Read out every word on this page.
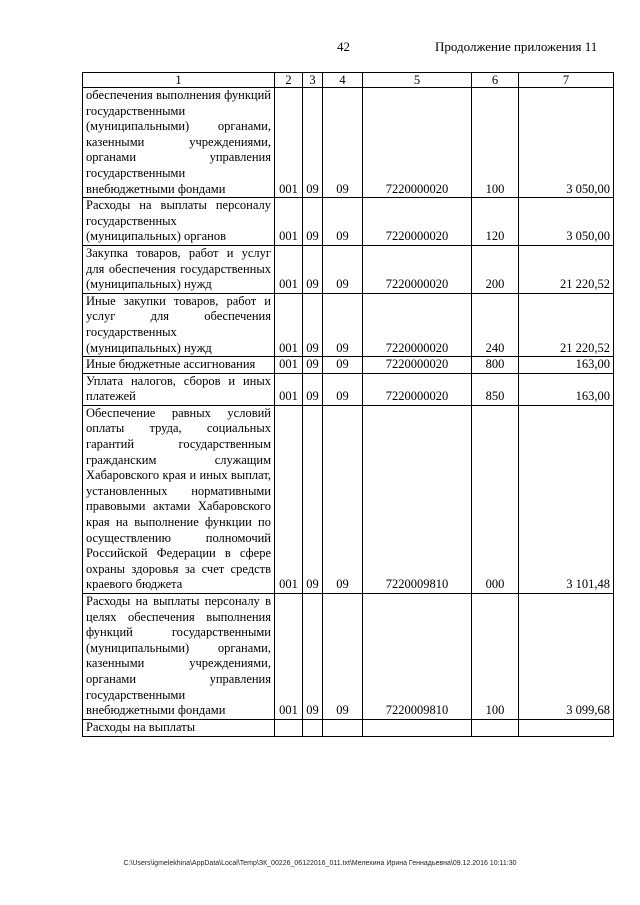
42	Продолжение приложения 11
1	2	3	4	5	6	7

обеспечения выполнения функций государственными (муниципальными) органами, казенными учреждениями, органами управления государственными внебюджетными фондами	001	09	09	7220000020	100	3 050,00

Расходы на выплаты персоналу государственных (муниципальных) органов	001	09	09	7220000020	120	3 050,00

Закупка товаров, работ и услуг для обеспечения государственных (муниципальных) нужд	001	09	09	7220000020	200	21 220,52

Иные закупки товаров, работ и услуг для обеспечения государственных (муниципальных) нужд	001	09	09	7220000020	240	21 220,52

Иные бюджетные ассигнования	001	09	09	7220000020	800	163,00

Уплата налогов, сборов и иных платежей	001	09	09	7220000020	850	163,00

Обеспечение равных условий оплаты труда, социальных гарантий государственным гражданским служащим Хабаровского края и иных выплат, установленных нормативными правовыми актами Хабаровского края на выполнение функции по осуществлению полномочий Российской Федерации в сфере охраны здоровья за счет средств краевого бюджета	001	09	09	7220009810	000	3 101,48

Расходы на выплаты персоналу в целях обеспечения выполнения функций государственными (муниципальными) органами, казенными учреждениями, органами управления государственными внебюджетными фондами	001	09	09	7220009810	100	3 099,68

Расходы на выплаты						

C:\Users\igmelekhina\AppData\Local\Temp\ЗК_00226_06122016_011.txt\Мелехина Ирина Геннадьевна\09.12.2016 10:11:30
